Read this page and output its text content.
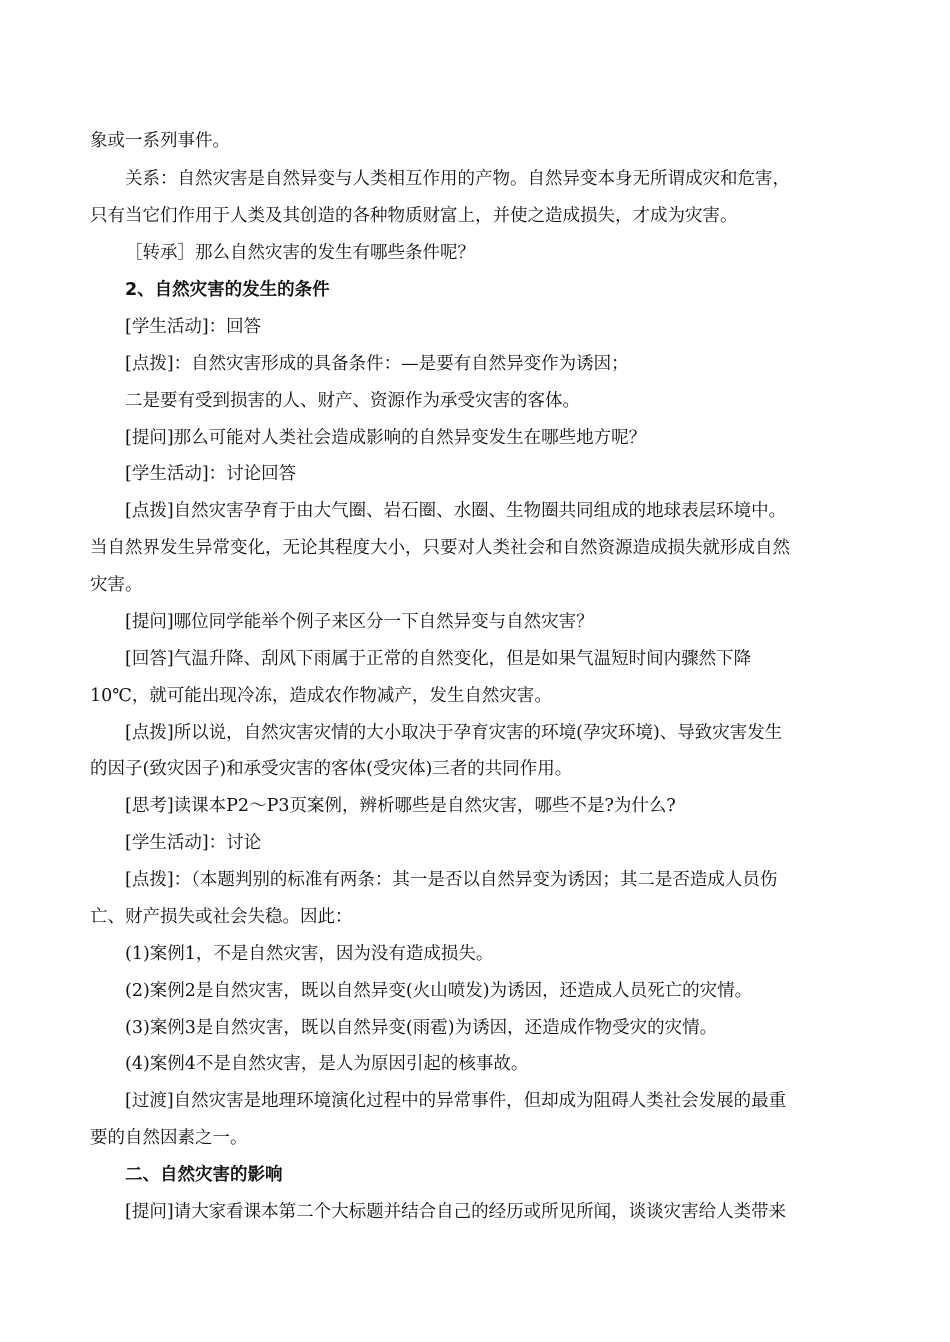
象或一系列事件。
关系：自然灾害是自然异变与人类相互作用的产物。自然异变本身无所谓成灾和危害，
只有当它们作用于人类及其创造的各种物质财富上，并使之造成损失，才成为灾害。
［转承］那么自然灾害的发生有哪些条件呢？
2、自然灾害的发生的条件
[学生活动]：回答
[点拨]：自然灾害形成的具备条件：—是要有自然异变作为诱因；
二是要有受到损害的人、财产、资源作为承受灾害的客体。
[提问]那么可能对人类社会造成影响的自然异变发生在哪些地方呢？
[学生活动]：讨论回答
[点拨]自然灾害孕育于由大气圈、岩石圈、水圈、生物圈共同组成的地球表层环境中。
当自然界发生异常变化，无论其程度大小，只要对人类社会和自然资源造成损失就形成自然
灾害。
[提问]哪位同学能举个例子来区分一下自然异变与自然灾害？
[回答]气温升降、刮风下雨属于正常的自然变化，但是如果气温短时间内骤然下降
10℃，就可能出现冷冻，造成农作物减产，发生自然灾害。
[点拨]所以说，自然灾害灾情的大小取决于孕育灾害的环境(孕灾环境)、导致灾害发生
的因子(致灾因子)和承受灾害的客体(受灾体)三者的共同作用。
[思考]读课本P2～P3页案例，辨析哪些是自然灾害，哪些不是?为什么?
[学生活动]：讨论
[点拨]：（本题判别的标准有两条：其一是否以自然异变为诱因；其二是否造成人员伤
亡、财产损失或社会失稳。因此：
(1)案例1，不是自然灾害，因为没有造成损失。
(2)案例2是自然灾害，既以自然异变(火山喷发)为诱因，还造成人员死亡的灾情。
(3)案例3是自然灾害，既以自然异变(雨雹)为诱因，还造成作物受灾的灾情。
(4)案例4不是自然灾害，是人为原因引起的核事故。
[过渡]自然灾害是地理环境演化过程中的异常事件，但却成为阻碍人类社会发展的最重
要的自然因素之一。
二、自然灾害的影响
[提问]请大家看课本第二个大标题并结合自己的经历或所见所闻，谈谈灾害给人类带来
